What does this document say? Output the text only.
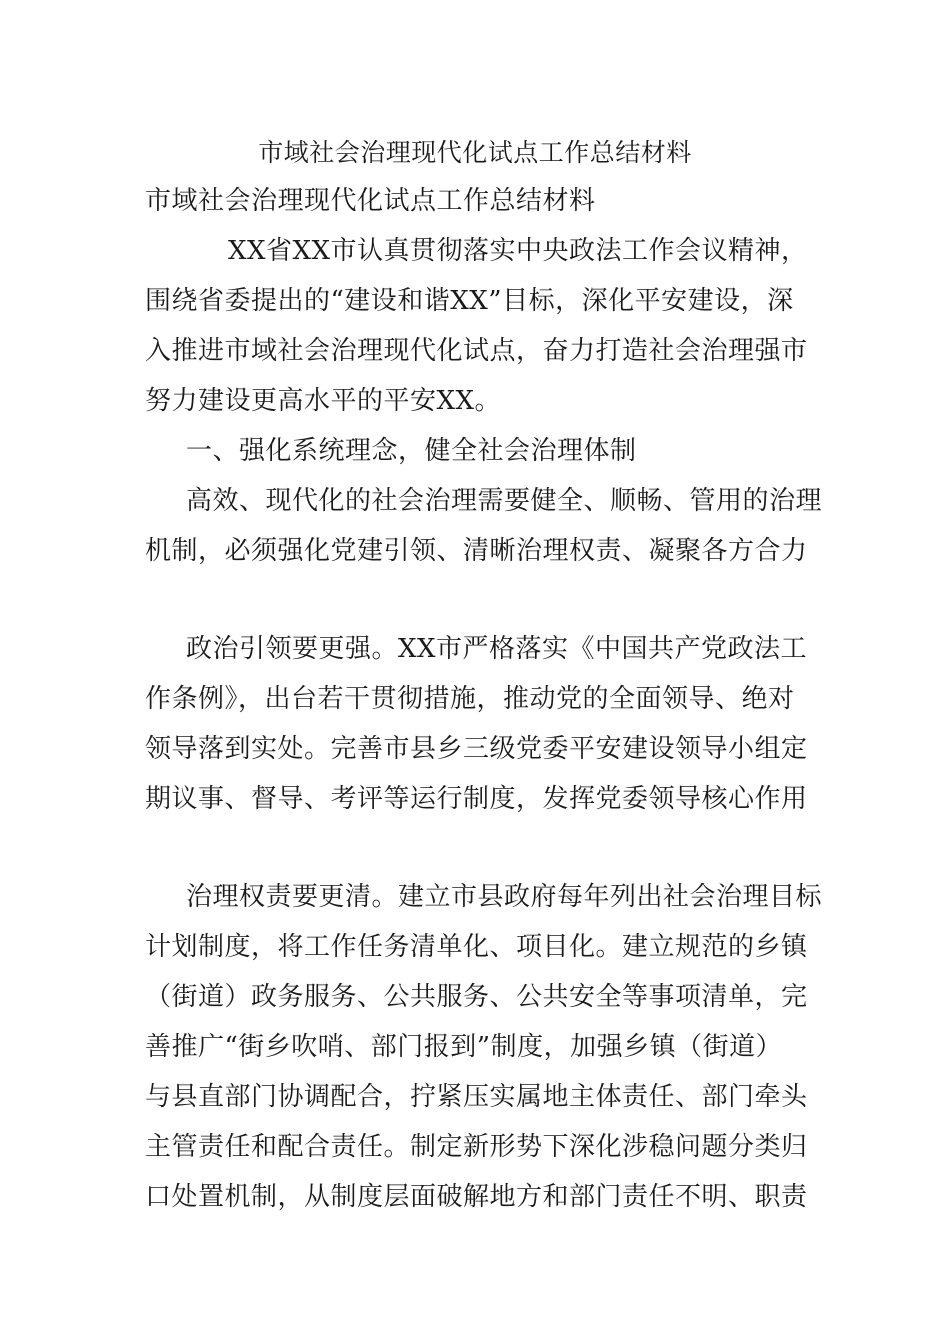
市域社会治理现代化试点工作总结材料
市域社会治理现代化试点工作总结材料
XX省XX市认真贯彻落实中央政法工作会议精神，
围绕省委提出的“建设和谐XX”目标，深化平安建设，深
入推进市域社会治理现代化试点，奋力打造社会治理强市
努力建设更高水平的平安XX。
一、强化系统理念，健全社会治理体制
高效、现代化的社会治理需要健全、顺畅、管用的治理
机制，必须强化党建引领、清晰治理权责、凝聚各方合力
政治引领要更强。XX市严格落实《中国共产党政法工
作条例》，出台若干贯彻措施，推动党的全面领导、绝对
领导落到实处。完善市县乡三级党委平安建设领导小组定
期议事、督导、考评等运行制度，发挥党委领导核心作用
治理权责要更清。建立市县政府每年列出社会治理目标
计划制度，将工作任务清单化、项目化。建立规范的乡镇
（街道）政务服务、公共服务、公共安全等事项清单，完
善推广“街乡吹哨、部门报到”制度，加强乡镇（街道）
与县直部门协调配合，拧紧压实属地主体责任、部门牵头
主管责任和配合责任。制定新形势下深化涉稳问题分类归
口处置机制，从制度层面破解地方和部门责任不明、职责
